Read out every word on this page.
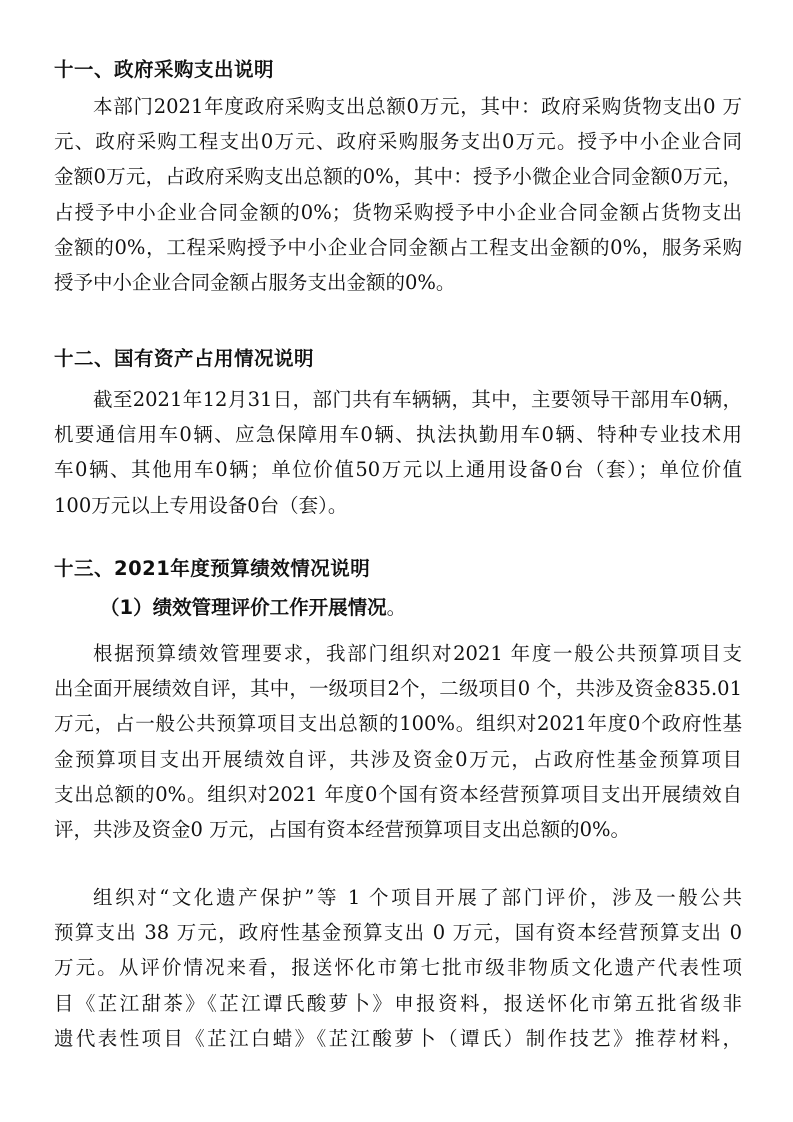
十一、政府采购支出说明
本部门2021年度政府采购支出总额0万元，其中：政府采购货物支出0 万
元、政府采购工程支出0万元、政府采购服务支出0万元。授予中小企业合同
金额0万元，占政府采购支出总额的0%，其中：授予小微企业合同金额0万元，
占授予中小企业合同金额的0%；货物采购授予中小企业合同金额占货物支出
金额的0%，工程采购授予中小企业合同金额占工程支出金额的0%，服务采购
授予中小企业合同金额占服务支出金额的0%。
十二、国有资产占用情况说明
截至2021年12月31日，部门共有车辆辆，其中，主要领导干部用车0辆，
机要通信用车0辆、应急保障用车0辆、执法执勤用车0辆、特种专业技术用
车0辆、其他用车0辆；单位价值50万元以上通用设备0台（套）；单位价值
100万元以上专用设备0台（套）。
十三、2021年度预算绩效情况说明

（1）绩效管理评价工作开展情况。

根据预算绩效管理要求，我部门组织对2021 年度一般公共预算项目支
出全面开展绩效自评，其中，一级项目2个，二级项目0 个，共涉及资金835.01
万元，占一般公共预算项目支出总额的100%。组织对2021年度0个政府性基
金预算项目支出开展绩效自评，共涉及资金0万元，占政府性基金预算项目
支出总额的0%。组织对2021 年度0个国有资本经营预算项目支出开展绩效自
评，共涉及资金0 万元，占国有资本经营预算项目支出总额的0%。
组织对“文化遗产保护”等 1 个项目开展了部门评价，涉及一般公共
预算支出 38 万元，政府性基金预算支出 0 万元，国有资本经营预算支出 0
万元。从评价情况来看，报送怀化市第七批市级非物质文化遗产代表性项
目《芷江甜茶》《芷江谭氏酸萝卜》申报资料，报送怀化市第五批省级非
遗代表性项目《芷江白蜡》《芷江酸萝卜（谭氏）制作技艺》推荐材料，
